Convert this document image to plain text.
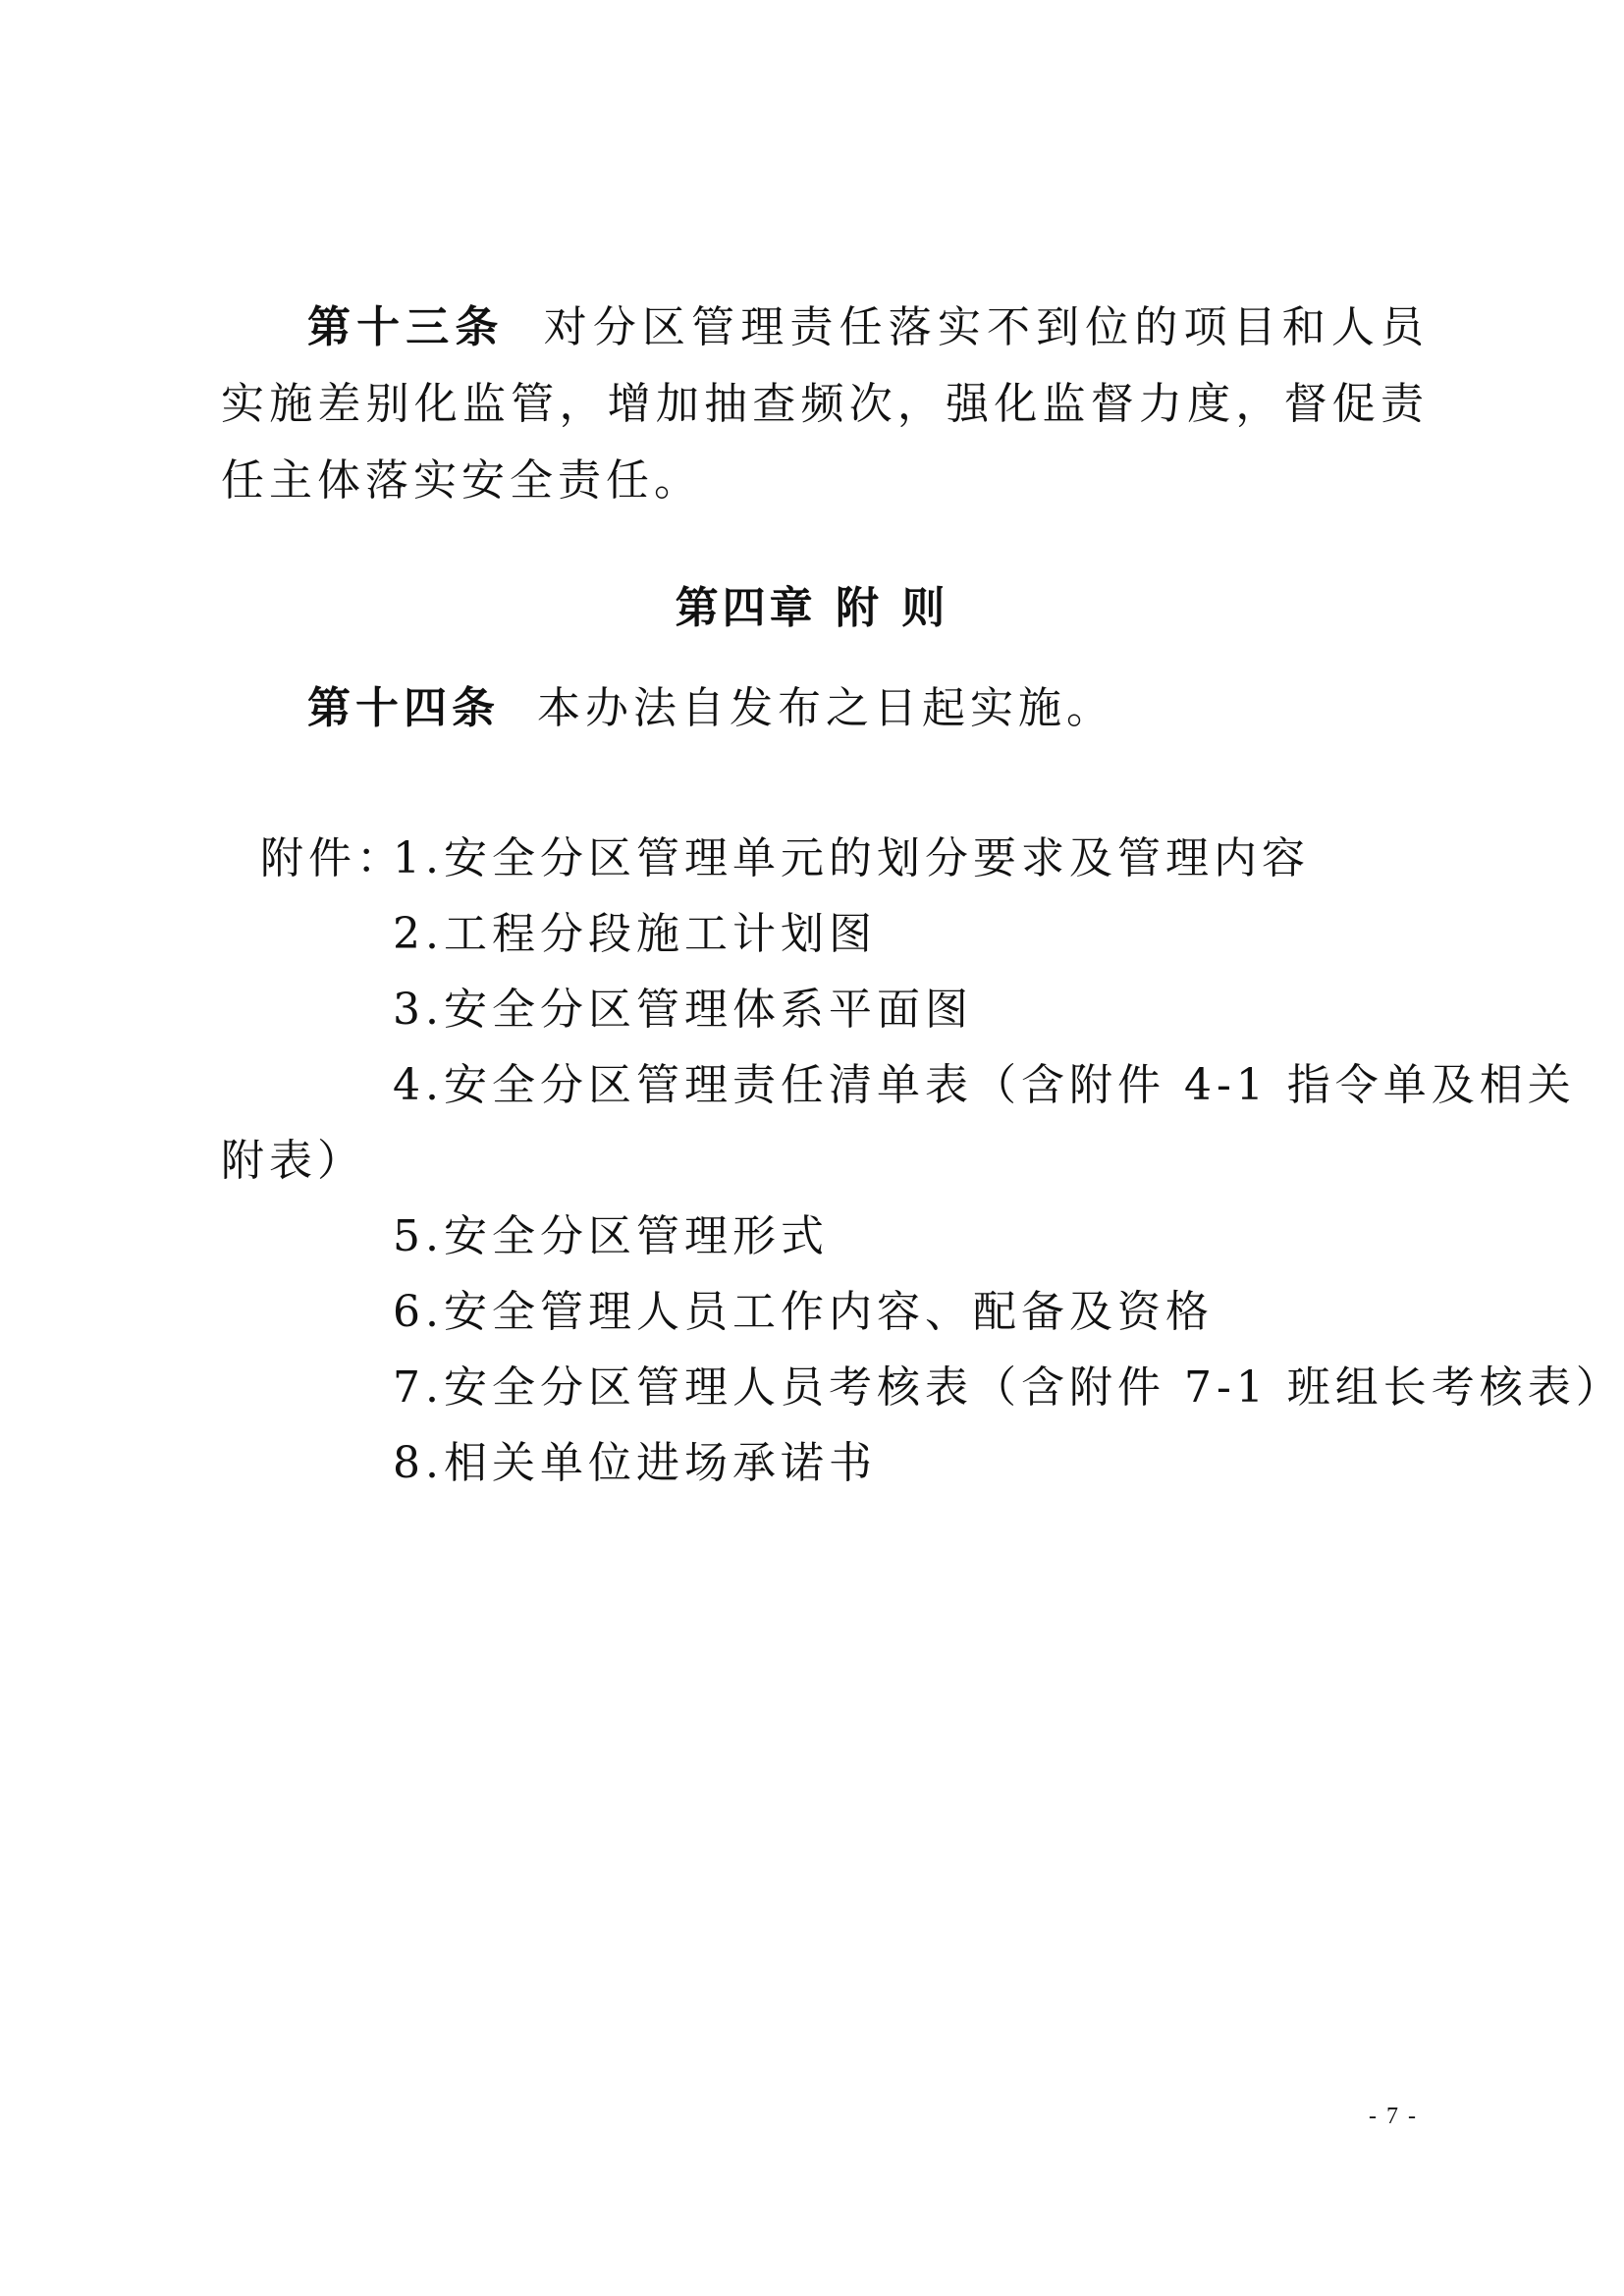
第十三条 对分区管理责任落实不到位的项目和人员实施差别化监管，增加抽查频次，强化监督力度，督促责任主体落实安全责任。

第四章 附 则

第十四条 本办法自发布之日起实施。

附件：
1.安全分区管理单元的划分要求及管理内容
2.工程分段施工计划图
3.安全分区管理体系平面图
4.安全分区管理责任清单表（含附件 4-1 指令单及相关
附表）
5.安全分区管理形式
6.安全管理人员工作内容、配备及资格
7.安全分区管理人员考核表（含附件 7-1 班组长考核表）
8.相关单位进场承诺书
- 7 -
